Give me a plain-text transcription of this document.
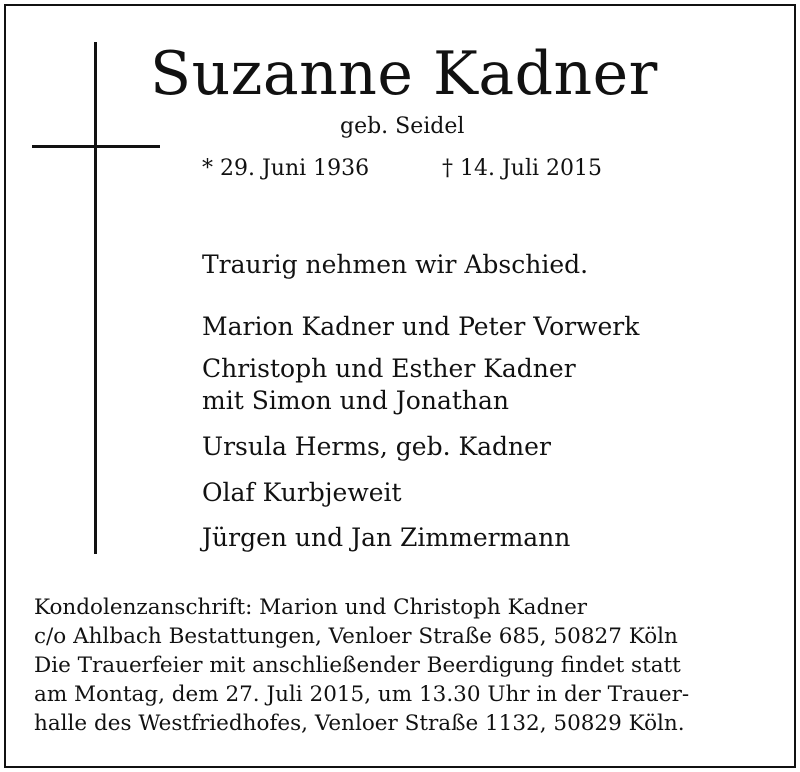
Suzanne Kadner
geb. Seidel
* 29. Juni 1936	† 14. Juli 2015
Traurig nehmen wir Abschied.
Marion Kadner und Peter Vorwerk
Christoph und Esther Kadner
mit Simon und Jonathan
Ursula Herms, geb. Kadner
Olaf Kurbjeweit
Jürgen und Jan Zimmermann
Kondolenzanschrift: Marion und Christoph Kadner
c/o Ahlbach Bestattungen, Venloer Straße 685, 50827 Köln
Die Trauerfeier mit anschließender Beerdigung findet statt
am Montag, dem 27. Juli 2015, um 13.30 Uhr in der Trauer-
halle des Westfriedhofes, Venloer Straße 1132, 50829 Köln.
